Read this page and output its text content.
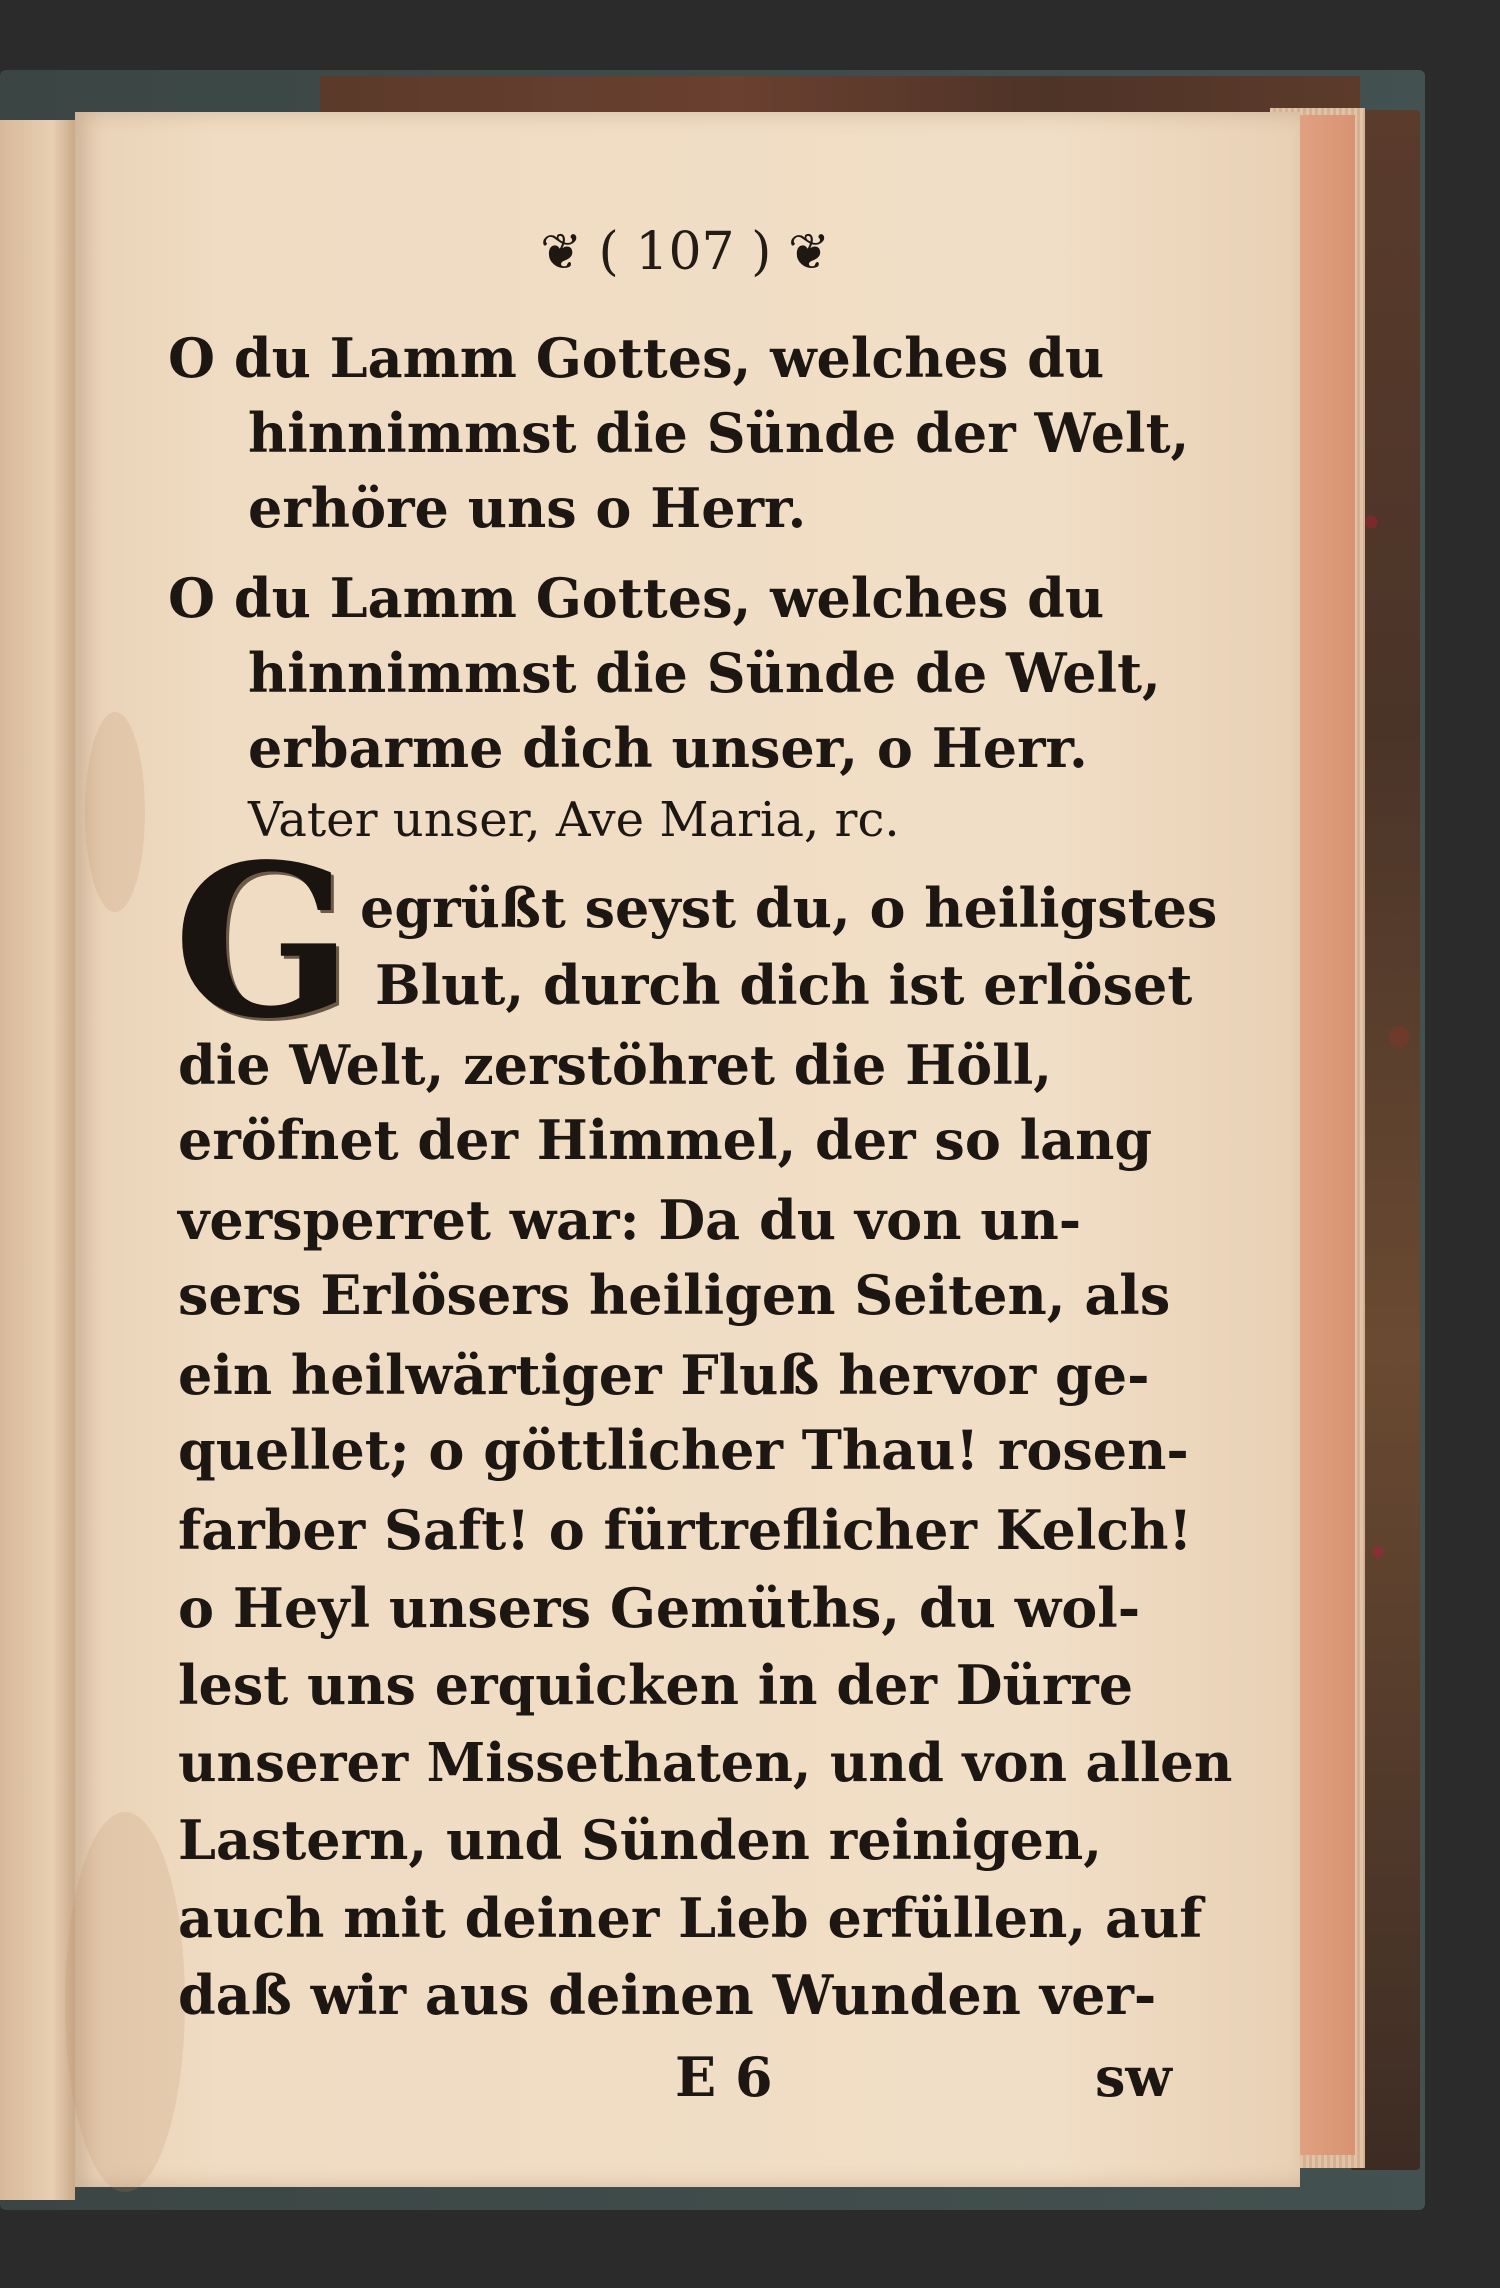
❦ ( 107 ) ❦
O du Lamm Gottes, welches du
hinnimmst die Sünde der Welt,
erhöre uns o Herr.
O du Lamm Gottes, welches du
hinnimmst die Sünde de Welt,
erbarme dich unser, o Herr.
Vater unser, Ave Maria, rc.
G egrüßt seyst du, o heiligstes
Blut, durch dich ist erlöset
die Welt, zerstöhret die Höll,
eröfnet der Himmel, der so lang
versperret war: Da du von un-
sers Erlösers heiligen Seiten, als
ein heilwärtiger Fluß hervor ge-
quellet; o göttlicher Thau! rosen-
farber Saft! o fürtreflicher Kelch!
o Heyl unsers Gemüths, du wol-
lest uns erquicken in der Dürre
unserer Missethaten, und von allen
Lastern, und Sünden reinigen,
auch mit deiner Lieb erfüllen, auf
daß wir aus deinen Wunden ver-
E 6	sw
